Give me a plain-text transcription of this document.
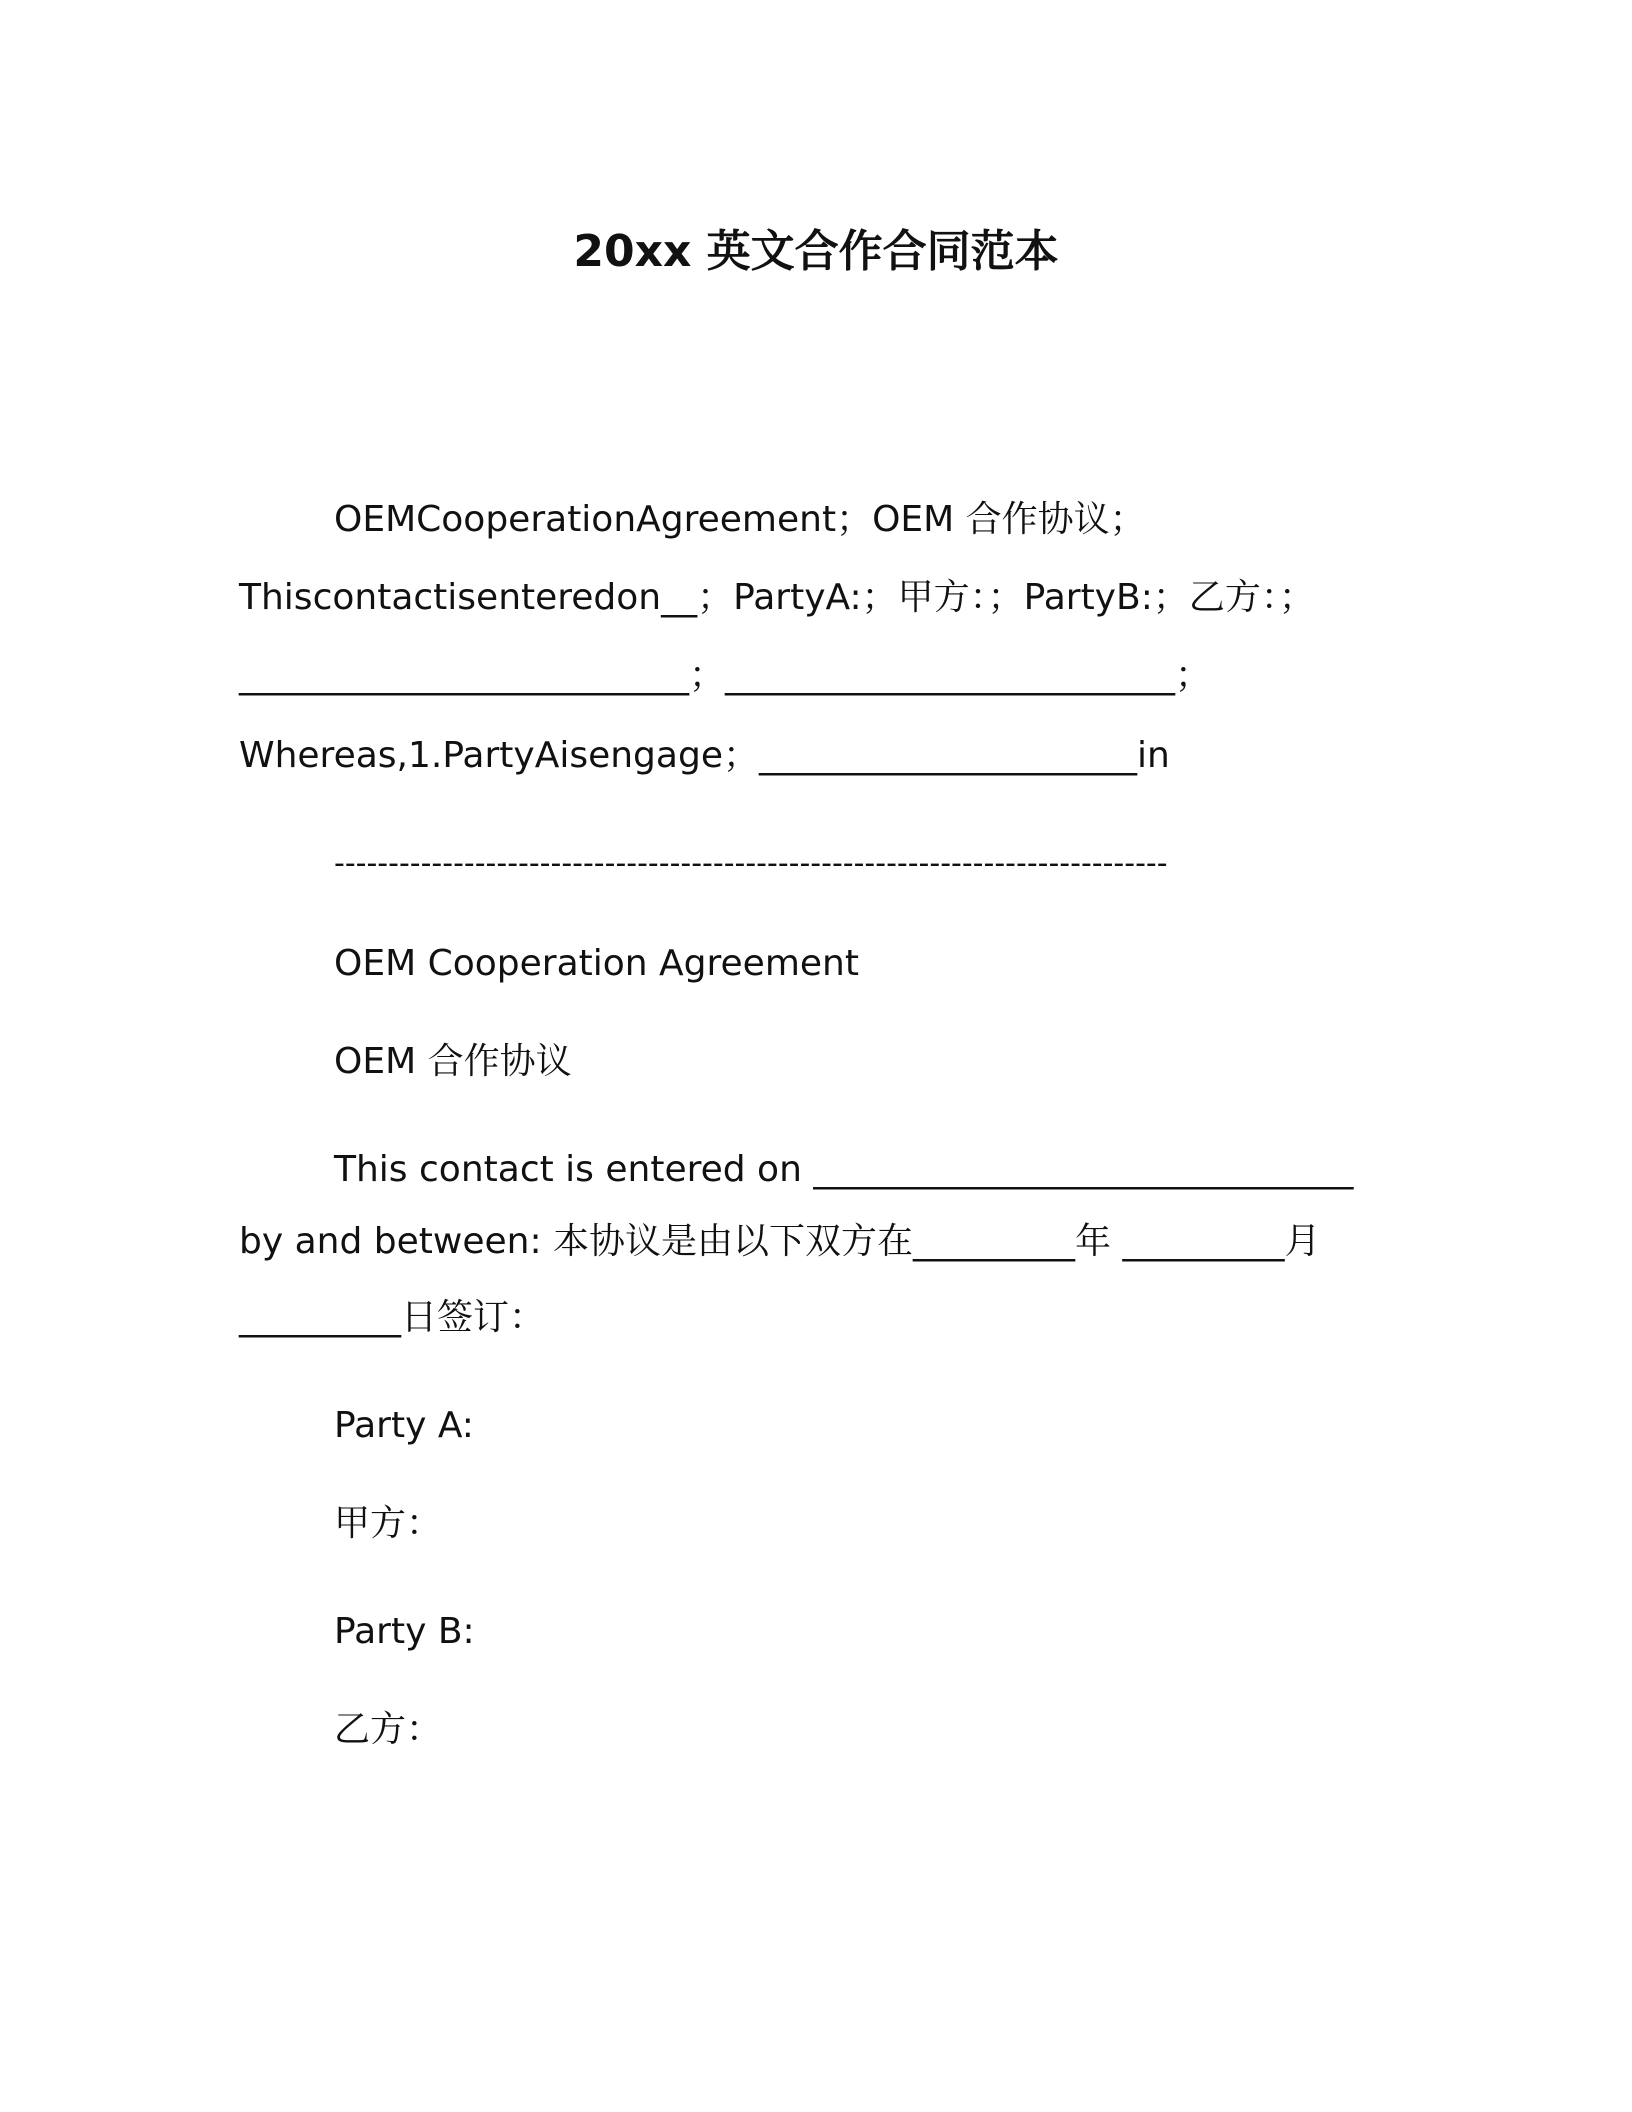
20xx 英文合作合同范本
OEMCooperationAgreement；OEM 合作协议；
Thiscontactisenteredon__；PartyA:；甲方：；PartyB:；乙方：；
_________________________；_________________________；
Whereas,1.PartyAisengage；_____________________in
-----------------------------------------------------------------------------
OEM Cooperation Agreement
OEM 合作协议
This contact is entered on ______________________________
by and between: 本协议是由以下双方在_________年 _________月
_________日签订：
Party A:
甲方：
Party B:
乙方：
